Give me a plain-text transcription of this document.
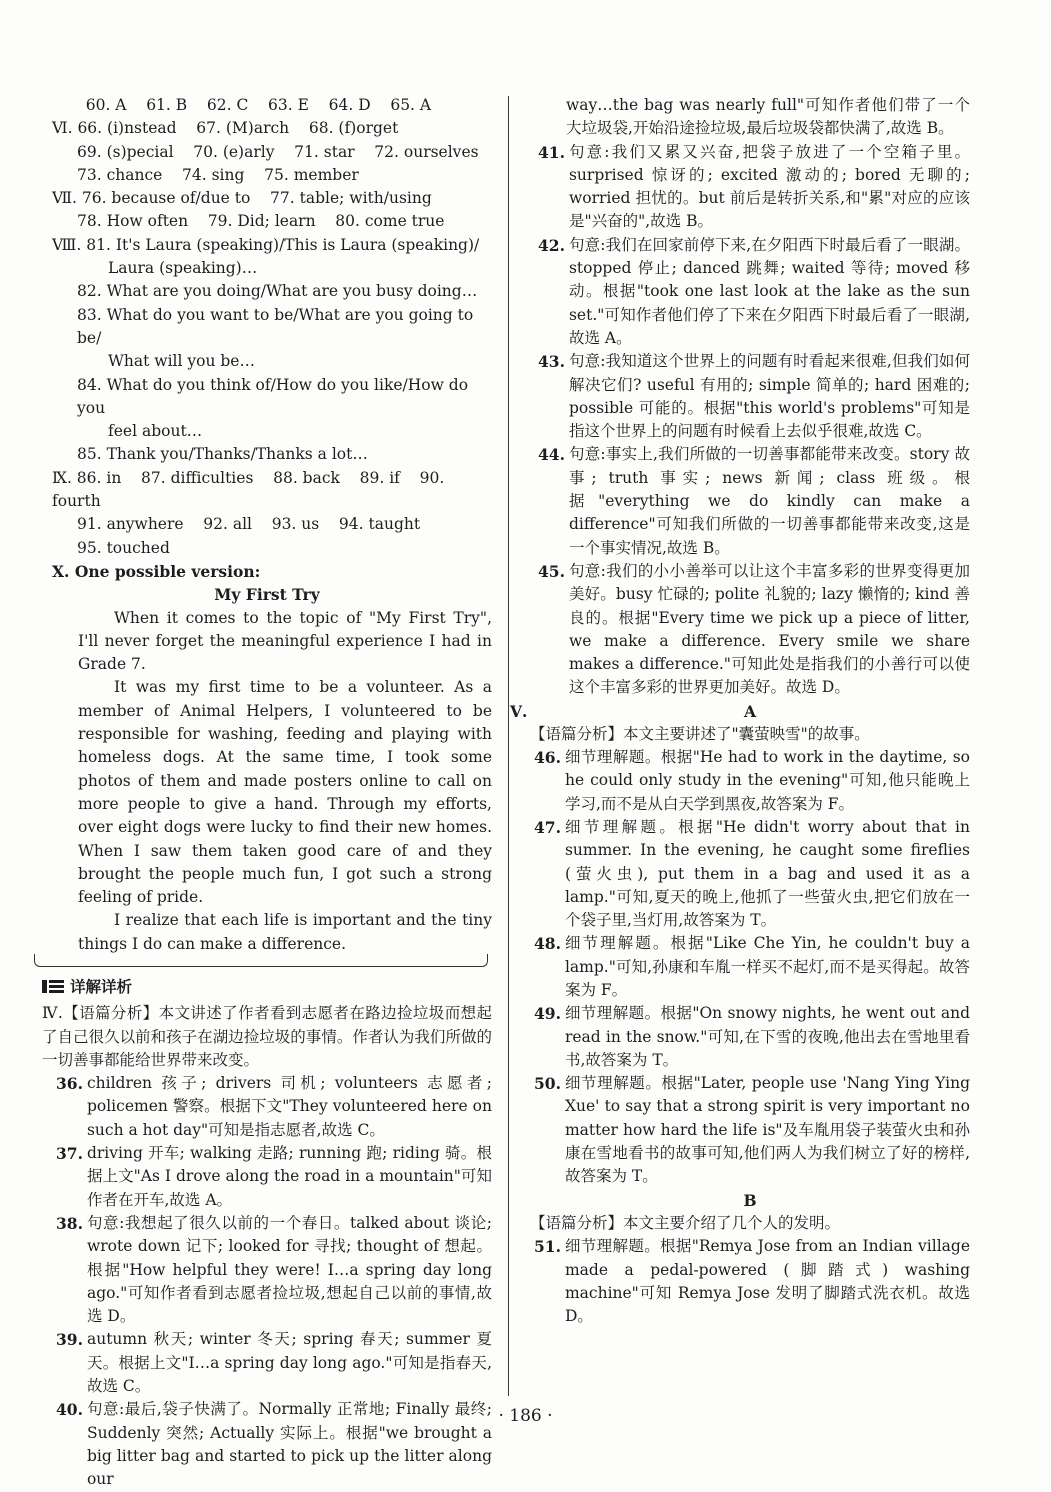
60. A    61. B    62. C    63. E    64. D    65. A
Ⅵ. 66. (i)nstead    67. (M)arch    68. (f)orget
69. (s)pecial    70. (e)arly    71. star    72. ourselves
73. chance    74. sing    75. member
Ⅶ. 76. because of/due to    77. table; with/using
78. How often    79. Did; learn    80. come true
Ⅷ. 81. It's Laura (speaking)/This is Laura (speaking)/
Laura (speaking)…
82. What are you doing/What are you busy doing…
83. What do you want to be/What are you going to be/
What will you be…
84. What do you think of/How do you like/How do you
feel about…
85. Thank you/Thanks/Thanks a lot…
Ⅸ. 86. in    87. difficulties    88. back    89. if    90. fourth
91. anywhere    92. all    93. us    94. taught
95. touched
Ⅹ. One possible version:
My First Try
When it comes to the topic of "My First Try", I'll never forget the meaningful experience I had in Grade 7.
It was my first time to be a volunteer. As a member of Animal Helpers, I volunteered to be responsible for washing, feeding and playing with homeless dogs. At the same time, I took some photos of them and made posters online to call on more people to give a hand. Through my efforts, over eight dogs were lucky to find their new homes. When I saw them taken good care of and they brought the people much fun, I got such a strong feeling of pride.
I realize that each life is important and the tiny things I do can make a difference.
详解详析
Ⅳ.【语篇分析】本文讲述了作者看到志愿者在路边捡垃圾而想起了自己很久以前和孩子在湖边捡垃圾的事情。作者认为我们所做的一切善事都能给世界带来改变。
36. children 孩子; drivers 司机; volunteers 志愿者; policemen 警察。根据下文"They volunteered here on such a hot day"可知是指志愿者,故选 C。
37. driving 开车; walking 走路; running 跑; riding 骑。根据上文"As I drove along the road in a mountain"可知作者在开车,故选 A。
38. 句意:我想起了很久以前的一个春日。talked about 谈论; wrote down 记下; looked for 寻找; thought of 想起。根据"How helpful they were! I…a spring day long ago."可知作者看到志愿者捡垃圾,想起自己以前的事情,故选 D。
39. autumn 秋天; winter 冬天; spring 春天; summer 夏天。根据上文"I…a spring day long ago."可知是指春天,故选 C。
40. 句意:最后,袋子快满了。Normally 正常地; Finally 最终; Suddenly 突然; Actually 实际上。根据"we brought a big litter bag and started to pick up the litter along our
way…the bag was nearly full"可知作者他们带了一个大垃圾袋,开始沿途捡垃圾,最后垃圾袋都快满了,故选 B。
41. 句意:我们又累又兴奋,把袋子放进了一个空箱子里。surprised 惊讶的; excited 激动的; bored 无聊的; worried 担忧的。but 前后是转折关系,和"累"对应的应该是"兴奋的",故选 B。
42. 句意:我们在回家前停下来,在夕阳西下时最后看了一眼湖。stopped 停止; danced 跳舞; waited 等待; moved 移动。根据"took one last look at the lake as the sun set."可知作者他们停了下来在夕阳西下时最后看了一眼湖,故选 A。
43. 句意:我知道这个世界上的问题有时看起来很难,但我们如何解决它们? useful 有用的; simple 简单的; hard 困难的; possible 可能的。根据"this world's problems"可知是指这个世界上的问题有时候看上去似乎很难,故选 C。
44. 句意:事实上,我们所做的一切善事都能带来改变。story 故事; truth 事实; news 新闻; class 班级。根据"everything we do kindly can make a difference"可知我们所做的一切善事都能带来改变,这是一个事实情况,故选 B。
45. 句意:我们的小小善举可以让这个丰富多彩的世界变得更加美好。busy 忙碌的; polite 礼貌的; lazy 懒惰的; kind 善良的。根据"Every time we pick up a piece of litter, we make a difference. Every smile we share makes a difference."可知此处是指我们的小善行可以使这个丰富多彩的世界更加美好。故选 D。
Ⅴ.	A
【语篇分析】本文主要讲述了"囊萤映雪"的故事。
46. 细节理解题。根据"He had to work in the daytime, so he could only study in the evening"可知,他只能晚上学习,而不是从白天学到黑夜,故答案为 F。
47. 细节理解题。根据"He didn't worry about that in summer. In the evening, he caught some fireflies (萤火虫), put them in a bag and used it as a lamp."可知,夏天的晚上,他抓了一些萤火虫,把它们放在一个袋子里,当灯用,故答案为 T。
48. 细节理解题。根据"Like Che Yin, he couldn't buy a lamp."可知,孙康和车胤一样买不起灯,而不是买得起。故答案为 F。
49. 细节理解题。根据"On snowy nights, he went out and read in the snow."可知,在下雪的夜晚,他出去在雪地里看书,故答案为 T。
50. 细节理解题。根据"Later, people use 'Nang Ying Ying Xue' to say that a strong spirit is very important no matter how hard the life is"及车胤用袋子装萤火虫和孙康在雪地看书的故事可知,他们两人为我们树立了好的榜样,故答案为 T。
B
【语篇分析】本文主要介绍了几个人的发明。
51. 细节理解题。根据"Remya Jose from an Indian village made a pedal-powered (脚踏式) washing machine"可知 Remya Jose 发明了脚踏式洗衣机。故选 D。
· 186 ·
